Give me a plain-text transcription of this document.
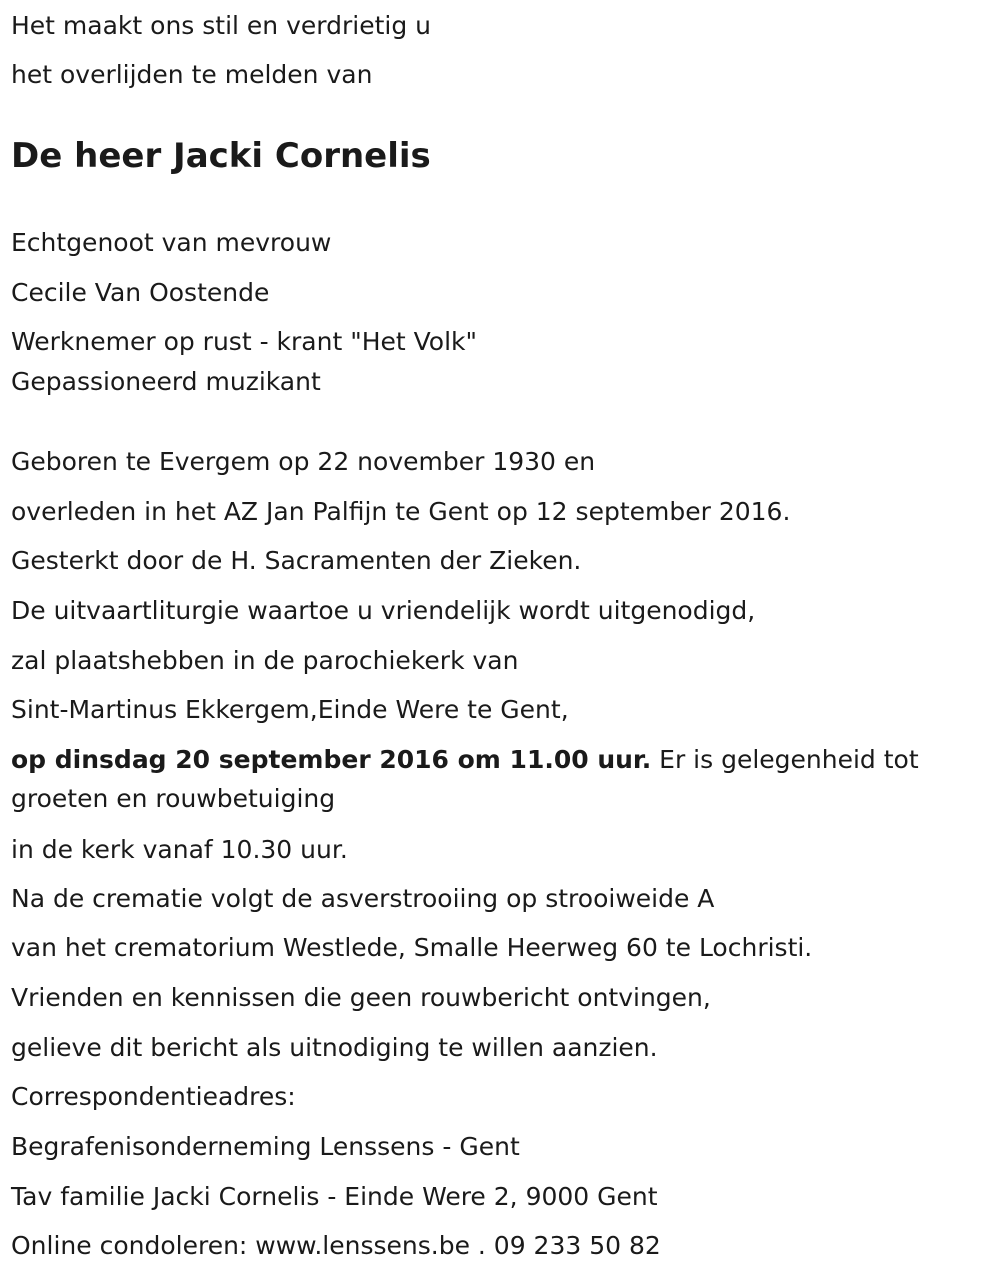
Het maakt ons stil en verdrietig u

het overlijden te melden van

De heer Jacki Cornelis

Echtgenoot van mevrouw

Cecile Van Oostende

Werknemer op rust - krant "Het Volk"

Gepassioneerd muzikant

Geboren te Evergem op 22 november 1930 en

overleden in het AZ Jan Palfijn te Gent op 12 september 2016.

Gesterkt door de H. Sacramenten der Zieken.

De uitvaartliturgie waartoe u vriendelijk wordt uitgenodigd,

zal plaatshebben in de parochiekerk van

Sint-Martinus Ekkergem,Einde Were te Gent,

op dinsdag 20 september 2016 om 11.00 uur. Er is gelegenheid tot groeten en rouwbetuiging

in de kerk vanaf 10.30 uur.

Na de crematie volgt de asverstrooiing op strooiweide A

van het crematorium Westlede, Smalle Heerweg 60 te Lochristi.

Vrienden en kennissen die geen rouwbericht ontvingen,

gelieve dit bericht als uitnodiging te willen aanzien.

Correspondentieadres:

Begrafenisonderneming Lenssens - Gent

Tav familie Jacki Cornelis - Einde Were 2, 9000 Gent

Online condoleren: www.lenssens.be . 09 233 50 82
